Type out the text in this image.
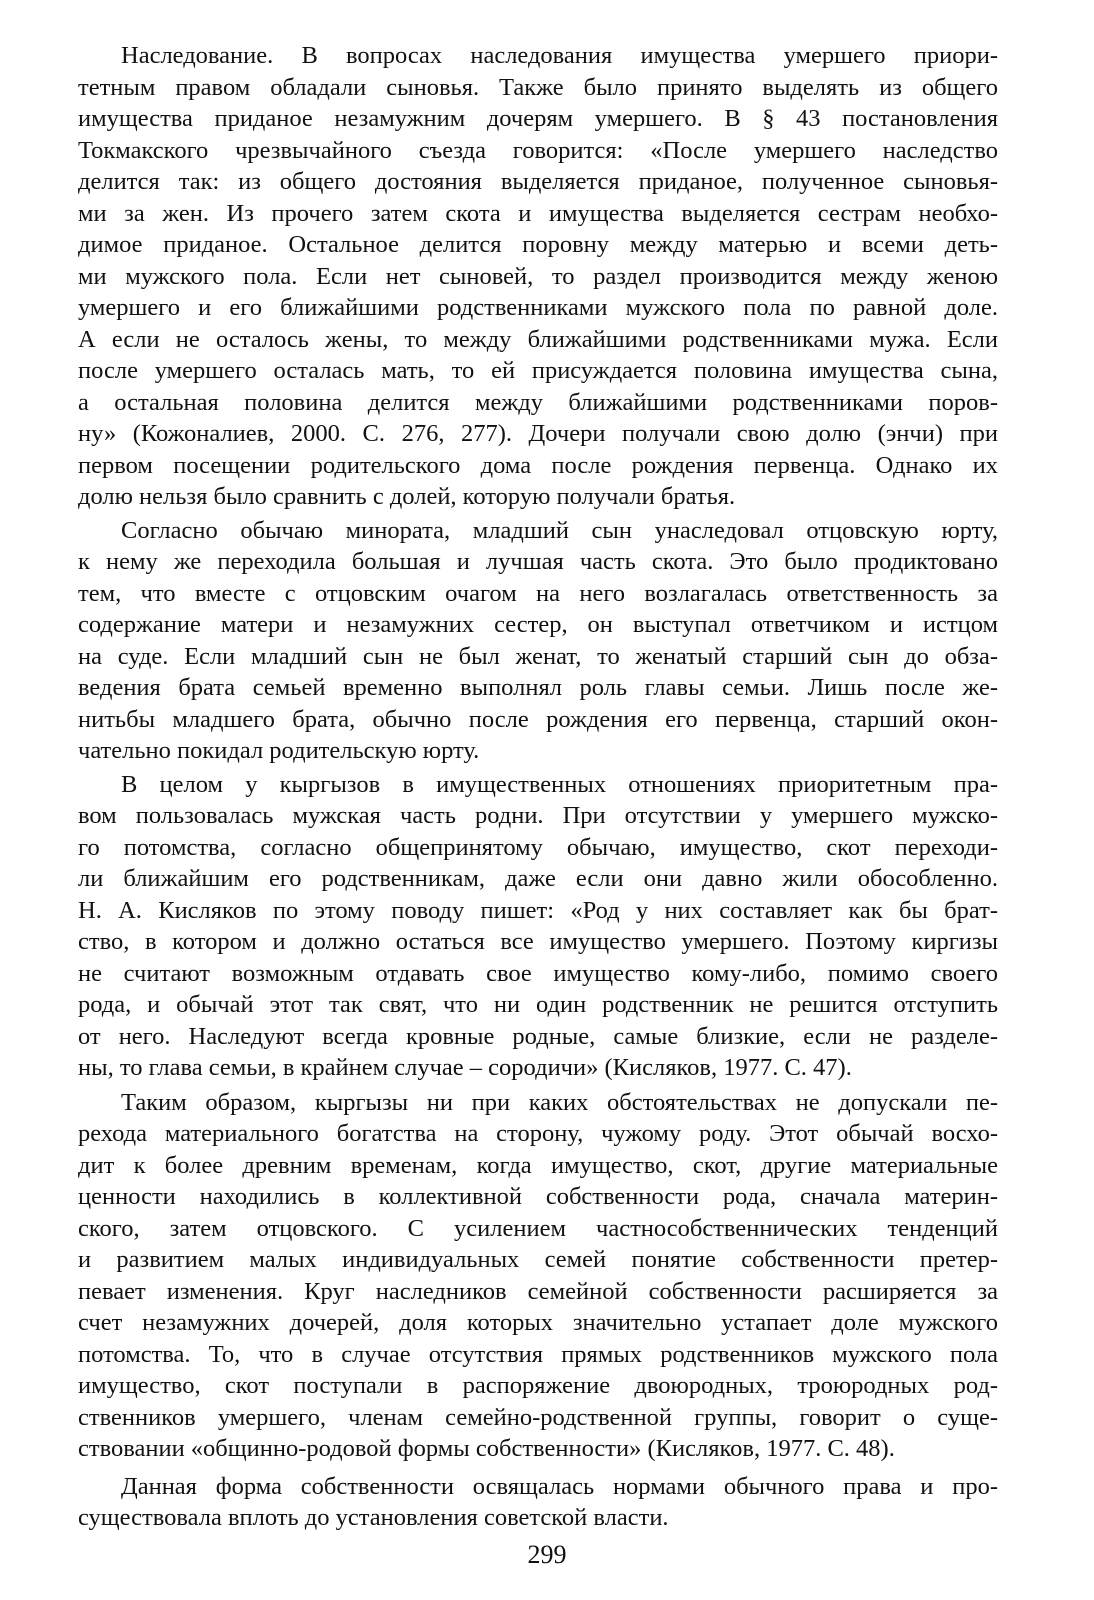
Наследование. В вопросах наследования имущества умершего приори-
тетным правом обладали сыновья. Также было принято выделять из общего
имущества приданое незамужним дочерям умершего. В § 43 постановления
Токмакского чрезвычайного съезда говорится: «После умершего наследство
делится так: из общего достояния выделяется приданое, полученное сыновья-
ми за жен. Из прочего затем скота и имущества выделяется сестрам необхо-
димое приданое. Остальное делится поровну между матерью и всеми деть-
ми мужского пола. Если нет сыновей, то раздел производится между женою
умершего и его ближайшими родственниками мужского пола по равной доле.
А если не осталось жены, то между ближайшими родственниками мужа. Если
после умершего осталась мать, то ей присуждается половина имущества сына,
а остальная половина делится между ближайшими родственниками поров-
ну» (Кожоналиев, 2000. С. 276, 277). Дочери получали свою долю (энчи) при
первом посещении родительского дома после рождения первенца. Однако их
долю нельзя было сравнить с долей, которую получали братья.
Согласно обычаю минората, младший сын унаследовал отцовскую юрту,
к нему же переходила большая и лучшая часть скота. Это было продиктовано
тем, что вместе с отцовским очагом на него возлагалась ответственность за
содержание матери и незамужних сестер, он выступал ответчиком и истцом
на суде. Если младший сын не был женат, то женатый старший сын до обза-
ведения брата семьей временно выполнял роль главы семьи. Лишь после же-
нитьбы младшего брата, обычно после рождения его первенца, старший окон-
чательно покидал родительскую юрту.
В целом у кыргызов в имущественных отношениях приоритетным пра-
вом пользовалась мужская часть родни. При отсутствии у умершего мужско-
го потомства, согласно общепринятому обычаю, имущество, скот переходи-
ли ближайшим его родственникам, даже если они давно жили обособленно.
Н. А. Кисляков по этому поводу пишет: «Род у них составляет как бы брат-
ство, в котором и должно остаться все имущество умершего. Поэтому киргизы
не считают возможным отдавать свое имущество кому-либо, помимо своего
рода, и обычай этот так свят, что ни один родственник не решится отступить
от него. Наследуют всегда кровные родные, самые близкие, если не разделе-
ны, то глава семьи, в крайнем случае – сородичи» (Кисляков, 1977. С. 47).
Таким образом, кыргызы ни при каких обстоятельствах не допускали пе-
рехода материального богатства на сторону, чужому роду. Этот обычай восхо-
дит к более древним временам, когда имущество, скот, другие материальные
ценности находились в коллективной собственности рода, сначала материн-
ского, затем отцовского. С усилением частнособственнических тенденций
и развитием малых индивидуальных семей понятие собственности претер-
певает изменения. Круг наследников семейной собственности расширяется за
счет незамужних дочерей, доля которых значительно устапает доле мужского
потомства. То, что в случае отсутствия прямых родственников мужского пола
имущество, скот поступали в распоряжение двоюродных, троюродных род-
ственников умершего, членам семейно-родственной группы, говорит о суще-
ствовании «общинно-родовой формы собственности» (Кисляков, 1977. С. 48).
Данная форма собственности освящалась нормами обычного права и про-
существовала вплоть до установления советской власти.
299
